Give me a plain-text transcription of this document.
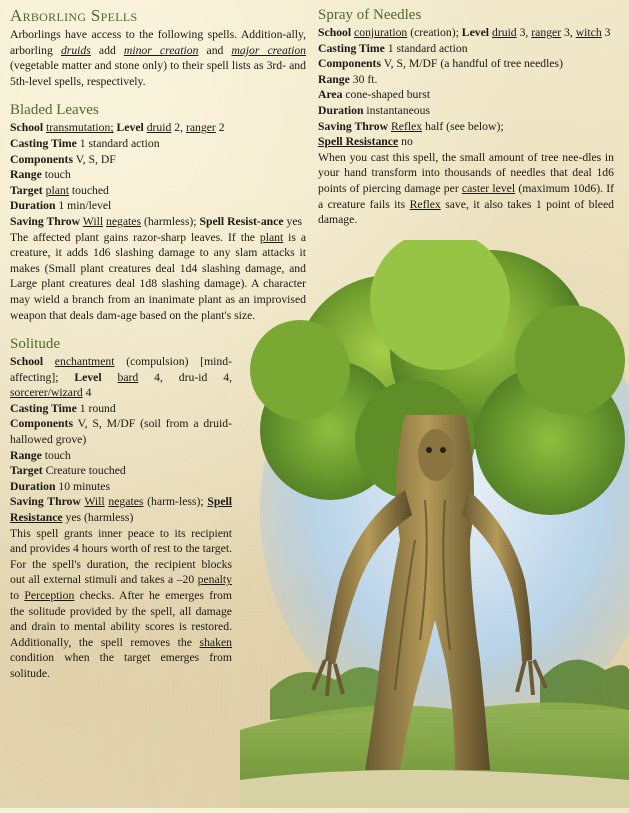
Arborling Spells

Arborlings have access to the following spells. Addition-ally, arborling druids add minor creation and major creation (vegetable matter and stone only) to their spell lists as 3rd- and 5th-level spells, respectively.

Bladed Leaves

School transmutation; Level druid 2, ranger 2

Casting Time 1 standard action

Components V, S, DF

Range touch

Target plant touched

Duration 1 min/level

Saving Throw Will negates (harmless); Spell Resist-ance yes

The affected plant gains razor-sharp leaves. If the plant is a creature, it adds 1d6 slashing damage to any slam attacks it makes (Small plant creatures deal 1d4 slashing damage, and Large plant creatures deal 1d8 slashing damage). A character may wield a branch from an inanimate plant as an improvised weapon that deals dam-age based on the plant's size.

Solitude

School enchantment (compulsion) [mind-affecting]; Level bard 4, dru-id 4, sorcerer/wizard 4

Casting Time 1 round

Components V, S, M/DF (soil from a druid-hallowed grove)

Range touch

Target Creature touched

Duration 10 minutes

Saving Throw Will negates (harm-less); Spell Resistance yes (harmless)

This spell grants inner peace to its recipient and provides 4 hours worth of rest to the target. For the spell's duration, the recipient blocks out all external stimuli and takes a –20 penalty to Perception checks. After he emerges from the solitude provided by the spell, all damage and drain to mental ability scores is restored. Additionally, the spell removes the shaken condition when the target emerges from solitude.

Spray of Needles

School conjuration (creation); Level druid 3, ranger 3, witch 3

Casting Time 1 standard action

Components V, S, M/DF (a handful of tree needles)

Range 30 ft.

Area cone-shaped burst

Duration instantaneous

Saving Throw Reflex half (see below);

Spell Resistance no

When you cast this spell, the small amount of tree nee-dles in your hand transform into thousands of needles that deal 1d6 points of piercing damage per caster level (maximum 10d6). If a creature fails its Reflex save, it also takes 1 point of bleed damage.
